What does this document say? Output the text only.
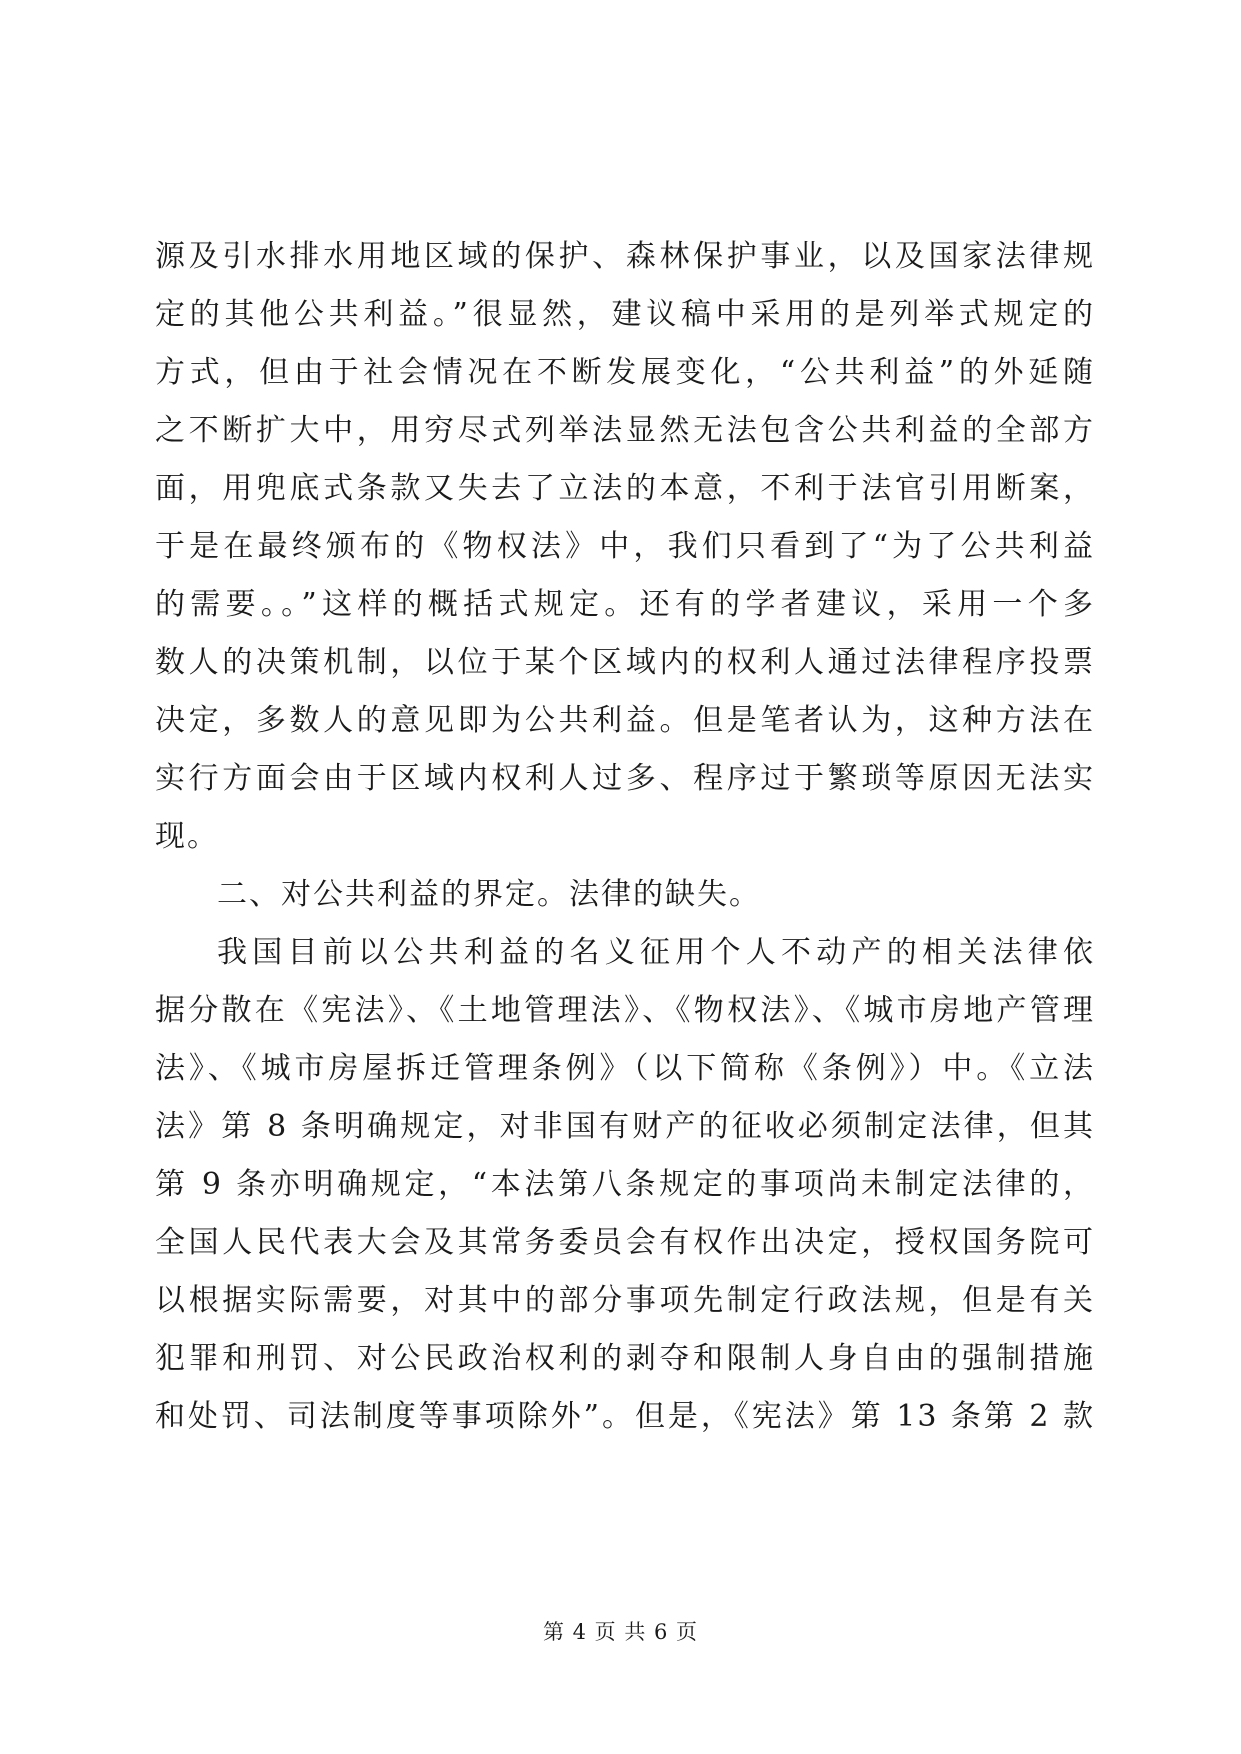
源及引水排水用地区域的保护、森林保护事业，以及国家法律规
定的其他公共利益。”很显然，建议稿中采用的是列举式规定的
方式，但由于社会情况在不断发展变化，“公共利益”的外延随
之不断扩大中，用穷尽式列举法显然无法包含公共利益的全部方
面，用兜底式条款又失去了立法的本意，不利于法官引用断案，
于是在最终颁布的《物权法》中，我们只看到了“为了公共利益
的需要。。”这样的概括式规定。还有的学者建议，采用一个多
数人的决策机制，以位于某个区域内的权利人通过法律程序投票
决定，多数人的意见即为公共利益。但是笔者认为，这种方法在
实行方面会由于区域内权利人过多、程序过于繁琐等原因无法实
现。
二、对公共利益的界定。法律的缺失。
我国目前以公共利益的名义征用个人不动产的相关法律依
据分散在《宪法》、《土地管理法》、《物权法》、《城市房地产管理
法》、《城市房屋拆迁管理条例》（以下简称《条例》）中。《立法
法》第 8 条明确规定，对非国有财产的征收必须制定法律，但其
第 9 条亦明确规定，“本法第八条规定的事项尚未制定法律的，
全国人民代表大会及其常务委员会有权作出决定，授权国务院可
以根据实际需要，对其中的部分事项先制定行政法规，但是有关
犯罪和刑罚、对公民政治权利的剥夺和限制人身自由的强制措施
和处罚、司法制度等事项除外”。但是，《宪法》第 13 条第 2 款
第 4 页 共 6 页
